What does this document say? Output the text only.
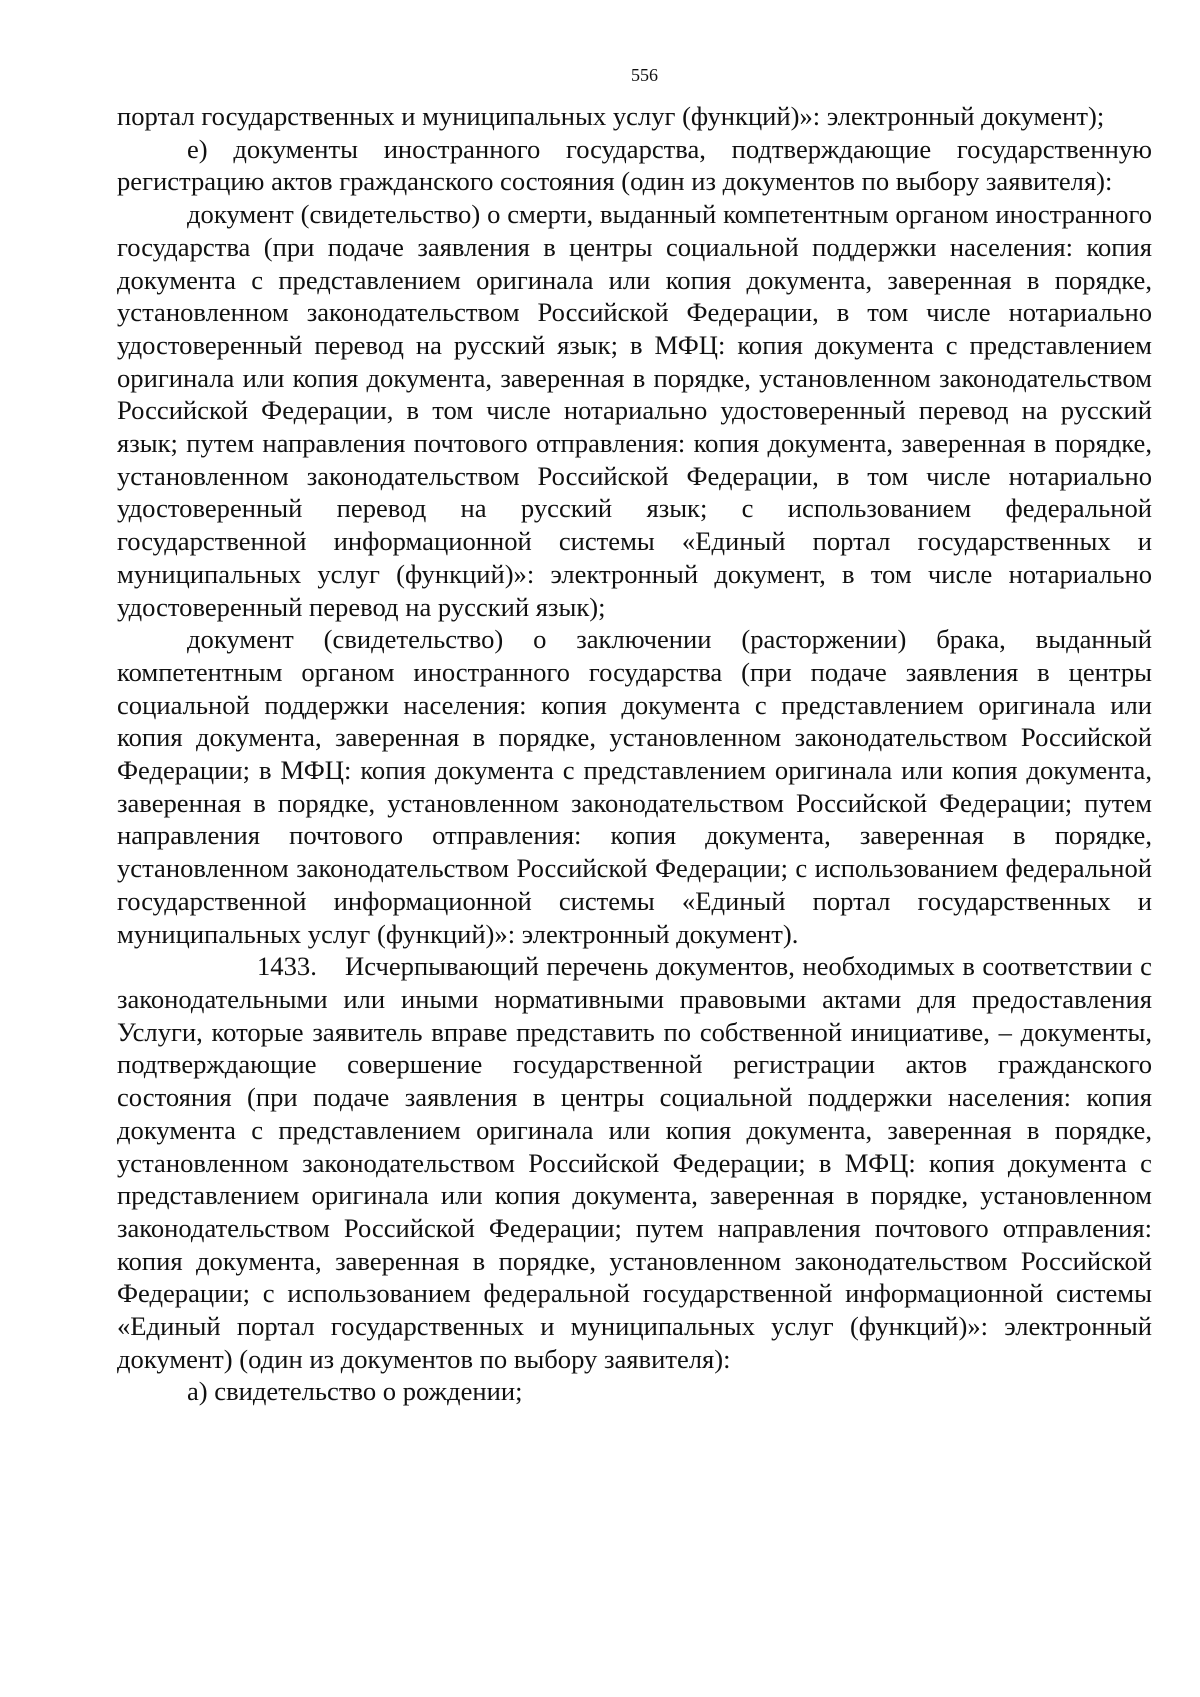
556

портал государственных и муниципальных услуг (функций)»: электронный документ);

е) документы иностранного государства, подтверждающие государственную регистрацию актов гражданского состояния (один из документов по выбору заявителя):

документ (свидетельство) о смерти, выданный компетентным органом иностранного государства (при подаче заявления в центры социальной поддержки населения: копия документа с представлением оригинала или копия документа, заверенная в порядке, установленном законодательством Российской Федерации, в том числе нотариально удостоверенный перевод на русский язык; в МФЦ: копия документа с представлением оригинала или копия документа, заверенная в порядке, установленном законодательством Российской Федерации, в том числе нотариально удостоверенный перевод на русский язык; путем направления почтового отправления: копия документа, заверенная в порядке, установленном законодательством Российской Федерации, в том числе нотариально удостоверенный перевод на русский язык; с использованием федеральной государственной информационной системы «Единый портал государственных и муниципальных услуг (функций)»: электронный документ, в том числе нотариально удостоверенный перевод на русский язык);

документ (свидетельство) о заключении (расторжении) брака, выданный компетентным органом иностранного государства (при подаче заявления в центры социальной поддержки населения: копия документа с представлением оригинала или копия документа, заверенная в порядке, установленном законодательством Российской Федерации; в МФЦ: копия документа с представлением оригинала или копия документа, заверенная в порядке, установленном законодательством Российской Федерации; путем направления почтового отправления: копия документа, заверенная в порядке, установленном законодательством Российской Федерации; с использованием федеральной государственной информационной системы «Единый портал государственных и муниципальных услуг (функций)»: электронный документ).

1433. Исчерпывающий перечень документов, необходимых в соответствии с законодательными или иными нормативными правовыми актами для предоставления Услуги, которые заявитель вправе представить по собственной инициативе, – документы, подтверждающие совершение государственной регистрации актов гражданского состояния (при подаче заявления в центры социальной поддержки населения: копия документа с представлением оригинала или копия документа, заверенная в порядке, установленном законодательством Российской Федерации; в МФЦ: копия документа с представлением оригинала или копия документа, заверенная в порядке, установленном законодательством Российской Федерации; путем направления почтового отправления: копия документа, заверенная в порядке, установленном законодательством Российской Федерации; с использованием федеральной государственной информационной системы «Единый портал государственных и муниципальных услуг (функций)»: электронный документ) (один из документов по выбору заявителя):

а) свидетельство о рождении;
